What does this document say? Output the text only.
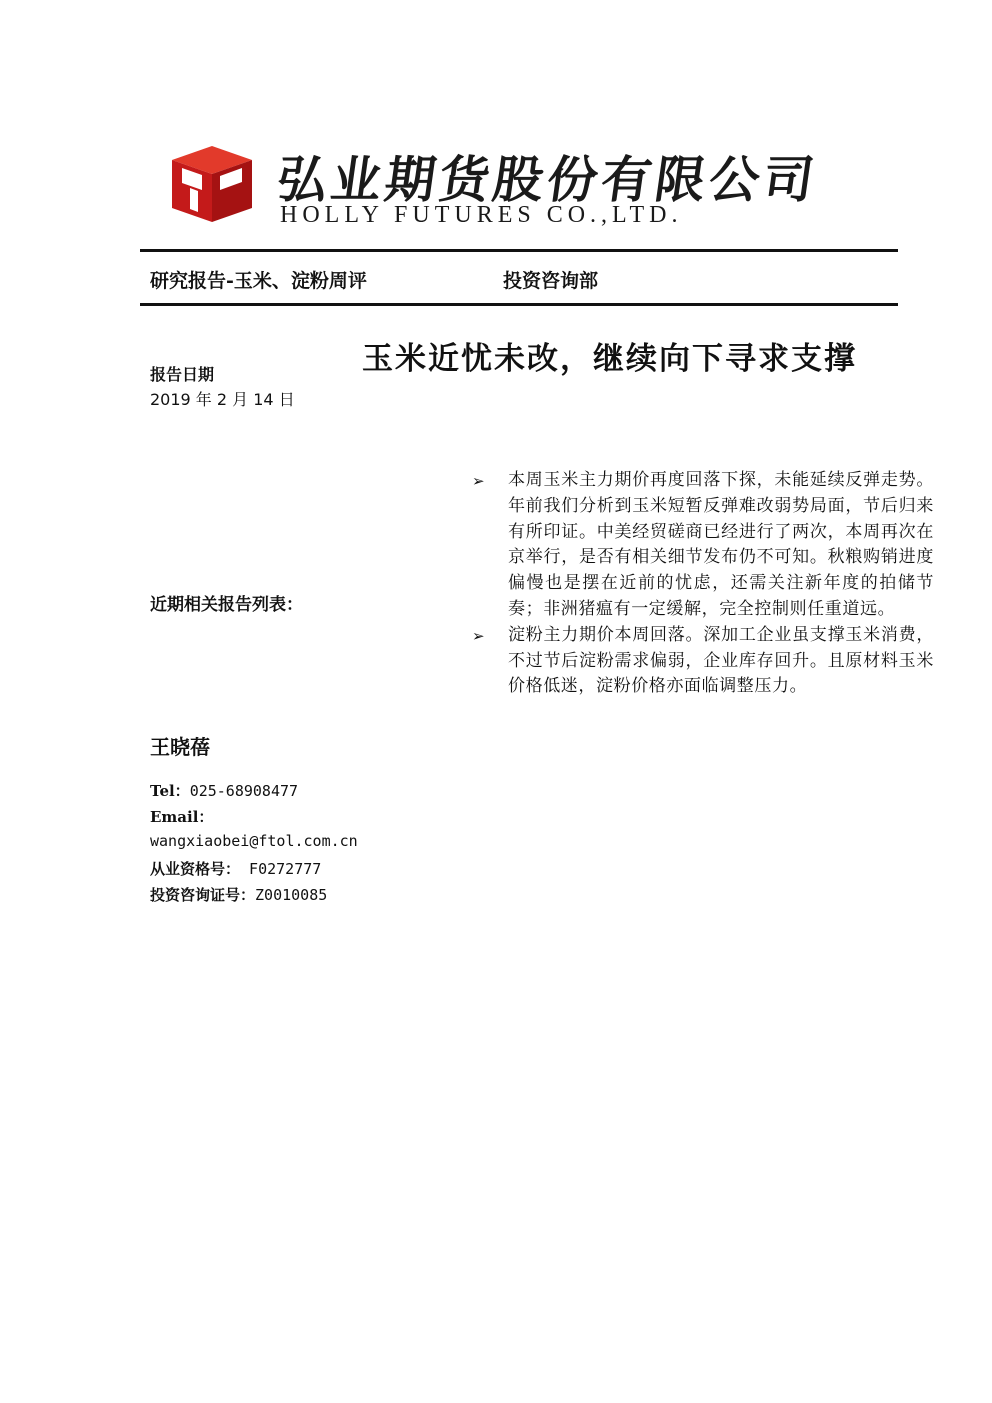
弘业期货股份有限公司
HOLLY FUTURES CO.,LTD.
研究报告-玉米、淀粉周评	投资咨询部
玉米近忧未改，继续向下寻求支撑
报告日期
2019 年 2 月 14 日
近期相关报告列表：
王晓蓓
Tel：025-68908477
Email：
wangxiaobei@ftol.com.cn
从业资格号： F0272777
投资咨询证号：Z0010085
➢ 本周玉米主力期价再度回落下探，未能延续反弹走势。年前我们分析到玉米短暂反弹难改弱势局面，节后归来有所印证。中美经贸磋商已经进行了两次，本周再次在京举行，是否有相关细节发布仍不可知。秋粮购销进度偏慢也是摆在近前的忧虑，还需关注新年度的拍储节奏；非洲猪瘟有一定缓解，完全控制则任重道远。
➢ 淀粉主力期价本周回落。深加工企业虽支撑玉米消费，不过节后淀粉需求偏弱，企业库存回升。且原材料玉米价格低迷，淀粉价格亦面临调整压力。
